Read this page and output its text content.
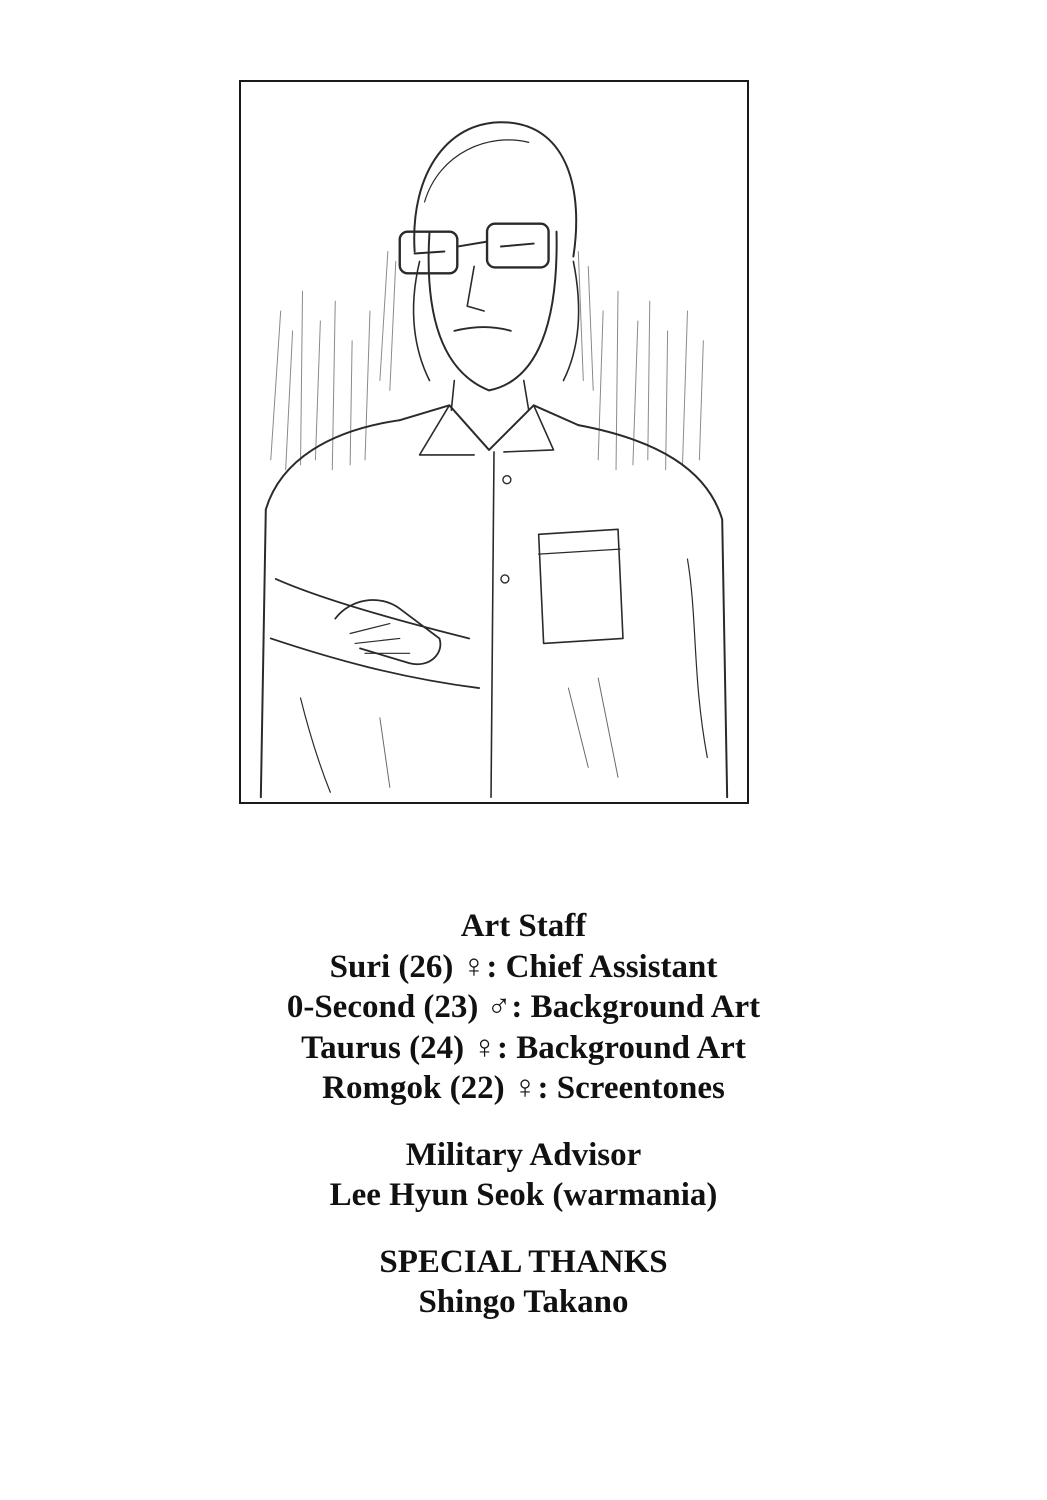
Art Staff
Suri (26) ♀: Chief Assistant
0-Second (23) ♂: Background Art
Taurus (24) ♀: Background Art
Romgok (22) ♀: Screentones
Military Advisor
Lee Hyun Seok (warmania)
SPECIAL THANKS
Shingo Takano
